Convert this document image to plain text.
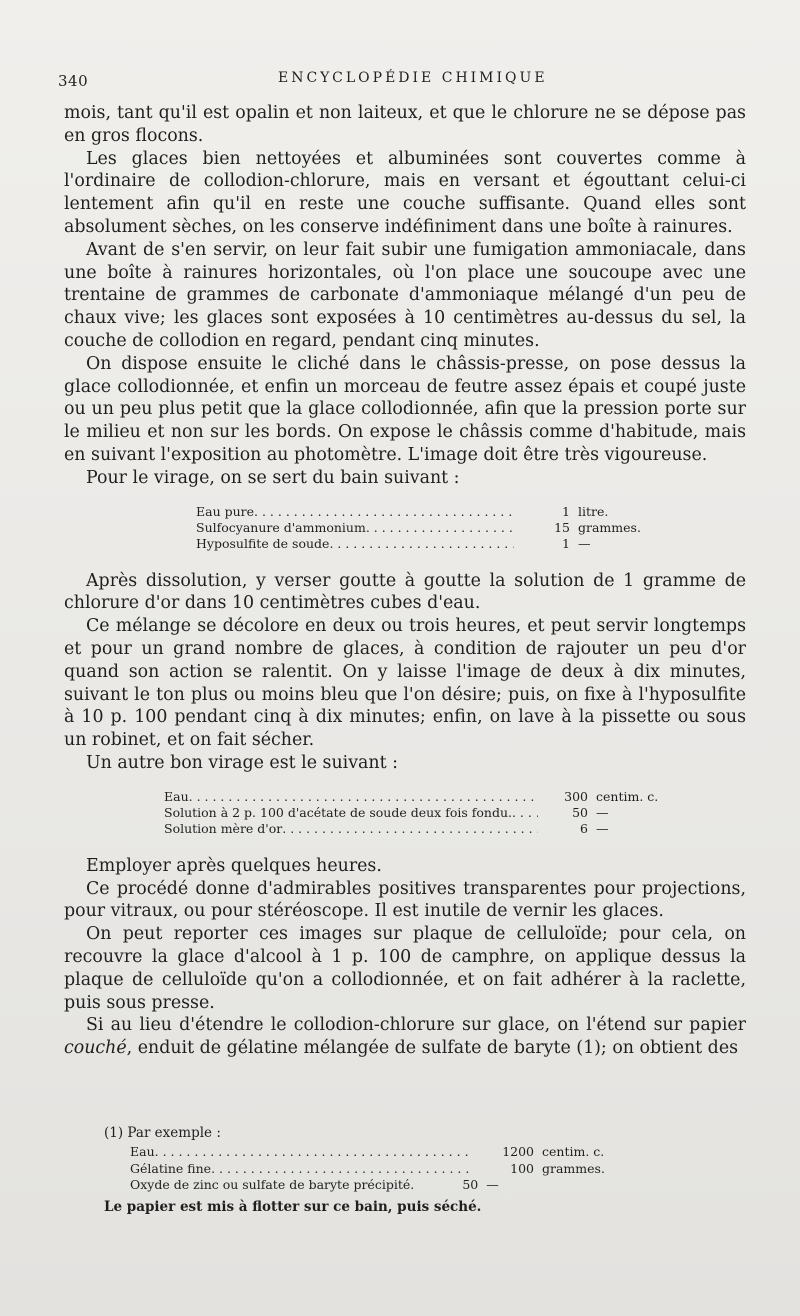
340	ENCYCLOPÉDIE CHIMIQUE

mois, tant qu'il est opalin et non laiteux, et que le chlorure ne se dépose pas en gros flocons.

Les glaces bien nettoyées et albuminées sont couvertes comme à l'ordinaire de collodion-chlorure, mais en versant et égouttant celui-ci lentement afin qu'il en reste une couche suffisante. Quand elles sont absolument sèches, on les conserve indéfiniment dans une boîte à rainures.

Avant de s'en servir, on leur fait subir une fumigation ammoniacale, dans une boîte à rainures horizontales, où l'on place une soucoupe avec une trentaine de grammes de carbonate d'ammoniaque mélangé d'un peu de chaux vive; les glaces sont exposées à 10 centimètres au-dessus du sel, la couche de collodion en regard, pendant cinq minutes.

On dispose ensuite le cliché dans le châssis-presse, on pose dessus la glace collodionnée, et enfin un morceau de feutre assez épais et coupé juste ou un peu plus petit que la glace collodionnée, afin que la pression porte sur le milieu et non sur les bords. On expose le châssis comme d'habitude, mais en suivant l'exposition au photomètre. L'image doit être très vigoureuse.

Pour le virage, on se sert du bain suivant :

Eau pure . . .	1 litre.
Sulfocyanure d'ammonium . . .	15 grammes.
Hyposulfite de soude . . .	1 —

Après dissolution, y verser goutte à goutte la solution de 1 gramme de chlorure d'or dans 10 centimètres cubes d'eau.

Ce mélange se décolore en deux ou trois heures, et peut servir longtemps et pour un grand nombre de glaces, à condition de rajouter un peu d'or quand son action se ralentit. On y laisse l'image de deux à dix minutes, suivant le ton plus ou moins bleu que l'on désire; puis, on fixe à l'hyposulfite à 10 p. 100 pendant cinq à dix minutes; enfin, on lave à la pissette ou sous un robinet, et on fait sécher.

Un autre bon virage est le suivant :

Eau . . .	300 centim. c.
Solution à 2 p. 100 d'acétate de soude deux fois fondu. . . .	50 —
Solution mère d'or . . .	6 —

Employer après quelques heures.

Ce procédé donne d'admirables positives transparentes pour projections, pour vitraux, ou pour stéréoscope. Il est inutile de vernir les glaces.

On peut reporter ces images sur plaque de celluloïde; pour cela, on recouvre la glace d'alcool à 1 p. 100 de camphre, on applique dessus la plaque de celluloïde qu'on a collodionnée, et on fait adhérer à la raclette, puis sous presse.

Si au lieu d'étendre le collodion-chlorure sur glace, on l'étend sur papier couché, enduit de gélatine mélangée de sulfate de baryte (1); on obtient des

(1) Par exemple :
Eau . . .	1200 centim. c.
Gélatine fine . . .	100 grammes.
Oxyde de zinc ou sulfate de baryte précipité.	50 —
Le papier est mis à flotter sur ce bain, puis séché.
